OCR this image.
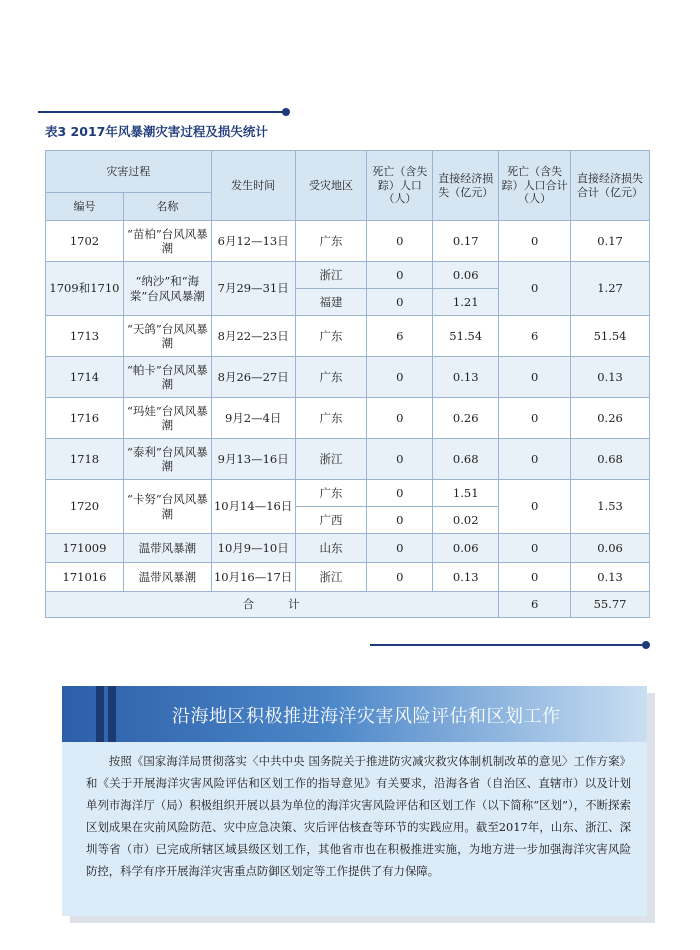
表3 2017年风暴潮灾害过程及损失统计
灾害过程		发生时间	受灾地区	死亡（含失踪）人口（人）	直接经济损失（亿元）	死亡（含失踪）人口合计（人）	直接经济损失合计（亿元）
编号	名称						
1702	“苗柏”台风风暴潮	6月12—13日	广东	0	0.17	0	0.17
1709和1710	“纳沙”和“海棠”台风风暴潮	7月29—31日	浙江	0	0.06	0	1.27
			福建	0	1.21		
1713	“天鸽”台风风暴潮	8月22—23日	广东	6	51.54	6	51.54
1714	“帕卡”台风风暴潮	8月26—27日	广东	0	0.13	0	0.13
1716	“玛娃”台风风暴潮	9月2—4日	广东	0	0.26	0	0.26
1718	“泰利”台风风暴潮	9月13—16日	浙江	0	0.68	0	0.68
1720	“卡努”台风风暴潮	10月14—16日	广东	0	1.51	0	1.53
			广西	0	0.02		
171009	温带风暴潮	10月9—10日	山东	0	0.06	0	0.06
171016	温带风暴潮	10月16—17日	浙江	0	0.13	0	0.13
合计						6	55.77
沿海地区积极推进海洋灾害风险评估和区划工作
按照《国家海洋局贯彻落实〈中共中央 国务院关于推进防灾减灾救灾体制机制改革的意见〉工作方案》和《关于开展海洋灾害风险评估和区划工作的指导意见》有关要求，沿海各省（自治区、直辖市）以及计划单列市海洋厅（局）积极组织开展以县为单位的海洋灾害风险评估和区划工作（以下简称“区划”），不断探索区划成果在灾前风险防范、灾中应急决策、灾后评估核查等环节的实践应用。截至2017年，山东、浙江、深圳等省（市）已完成所辖区域县级区划工作，其他省市也在积极推进实施，为地方进一步加强海洋灾害风险防控，科学有序开展海洋灾害重点防御区划定等工作提供了有力保障。
